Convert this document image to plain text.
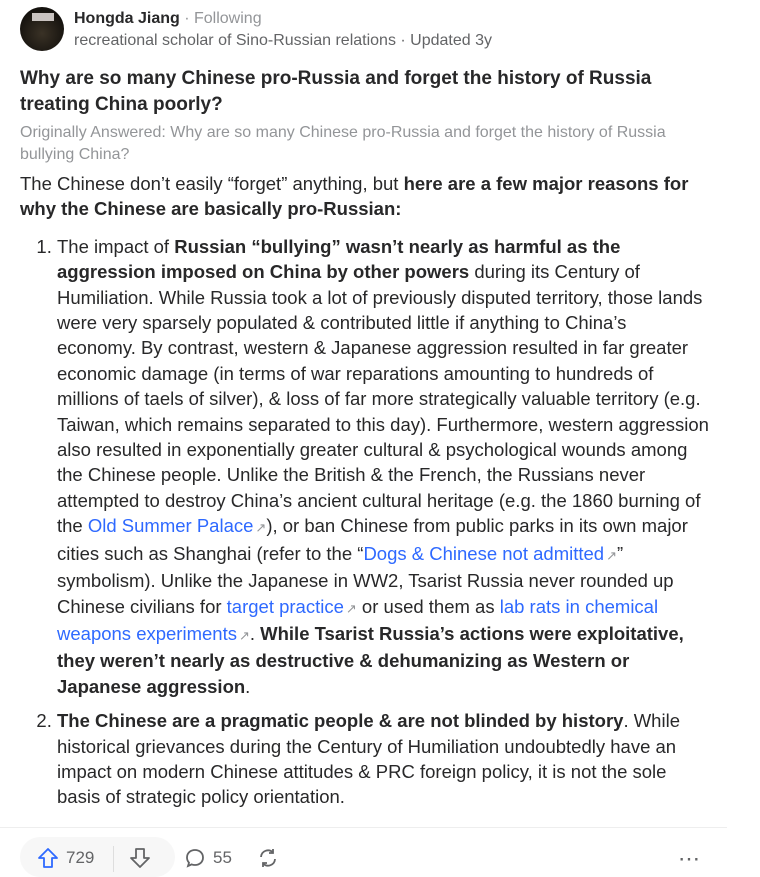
Hongda Jiang · Following
recreational scholar of Sino-Russian relations · Updated 3y
Why are so many Chinese pro-Russia and forget the history of Russia treating China poorly?
Originally Answered: Why are so many Chinese pro-Russia and forget the history of Russia bullying China?

The Chinese don’t easily “forget” anything, but here are a few major reasons for why the Chinese are basically pro-Russian:

1. The impact of Russian “bullying” wasn’t nearly as harmful as the aggression imposed on China by other powers during its Century of Humiliation. While Russia took a lot of previously disputed territory, those lands were very sparsely populated & contributed little if anything to China’s economy. By contrast, western & Japanese aggression resulted in far greater economic damage (in terms of war reparations amounting to hundreds of millions of taels of silver), & loss of far more strategically valuable territory (e.g. Taiwan, which remains separated to this day). Furthermore, western aggression also resulted in exponentially greater cultural & psychological wounds among the Chinese people. Unlike the British & the French, the Russians never attempted to destroy China’s ancient cultural heritage (e.g. the 1860 burning of the Old Summer Palace ↗), or ban Chinese from public parks in its own major cities such as Shanghai (refer to the “Dogs & Chinese not admitted ↗” symbolism). Unlike the Japanese in WW2, Tsarist Russia never rounded up Chinese civilians for target practice ↗ or used them as lab rats in chemical weapons experiments ↗. While Tsarist Russia’s actions were exploitative, they weren’t nearly as destructive & dehumanizing as Western or Japanese aggression.
2. The Chinese are a pragmatic people & are not blinded by history. While historical grievances during the Century of Humiliation undoubtedly have an impact on modern Chinese attitudes & PRC foreign policy, it is not the sole basis of strategic policy orientation.
729	55	⋯
